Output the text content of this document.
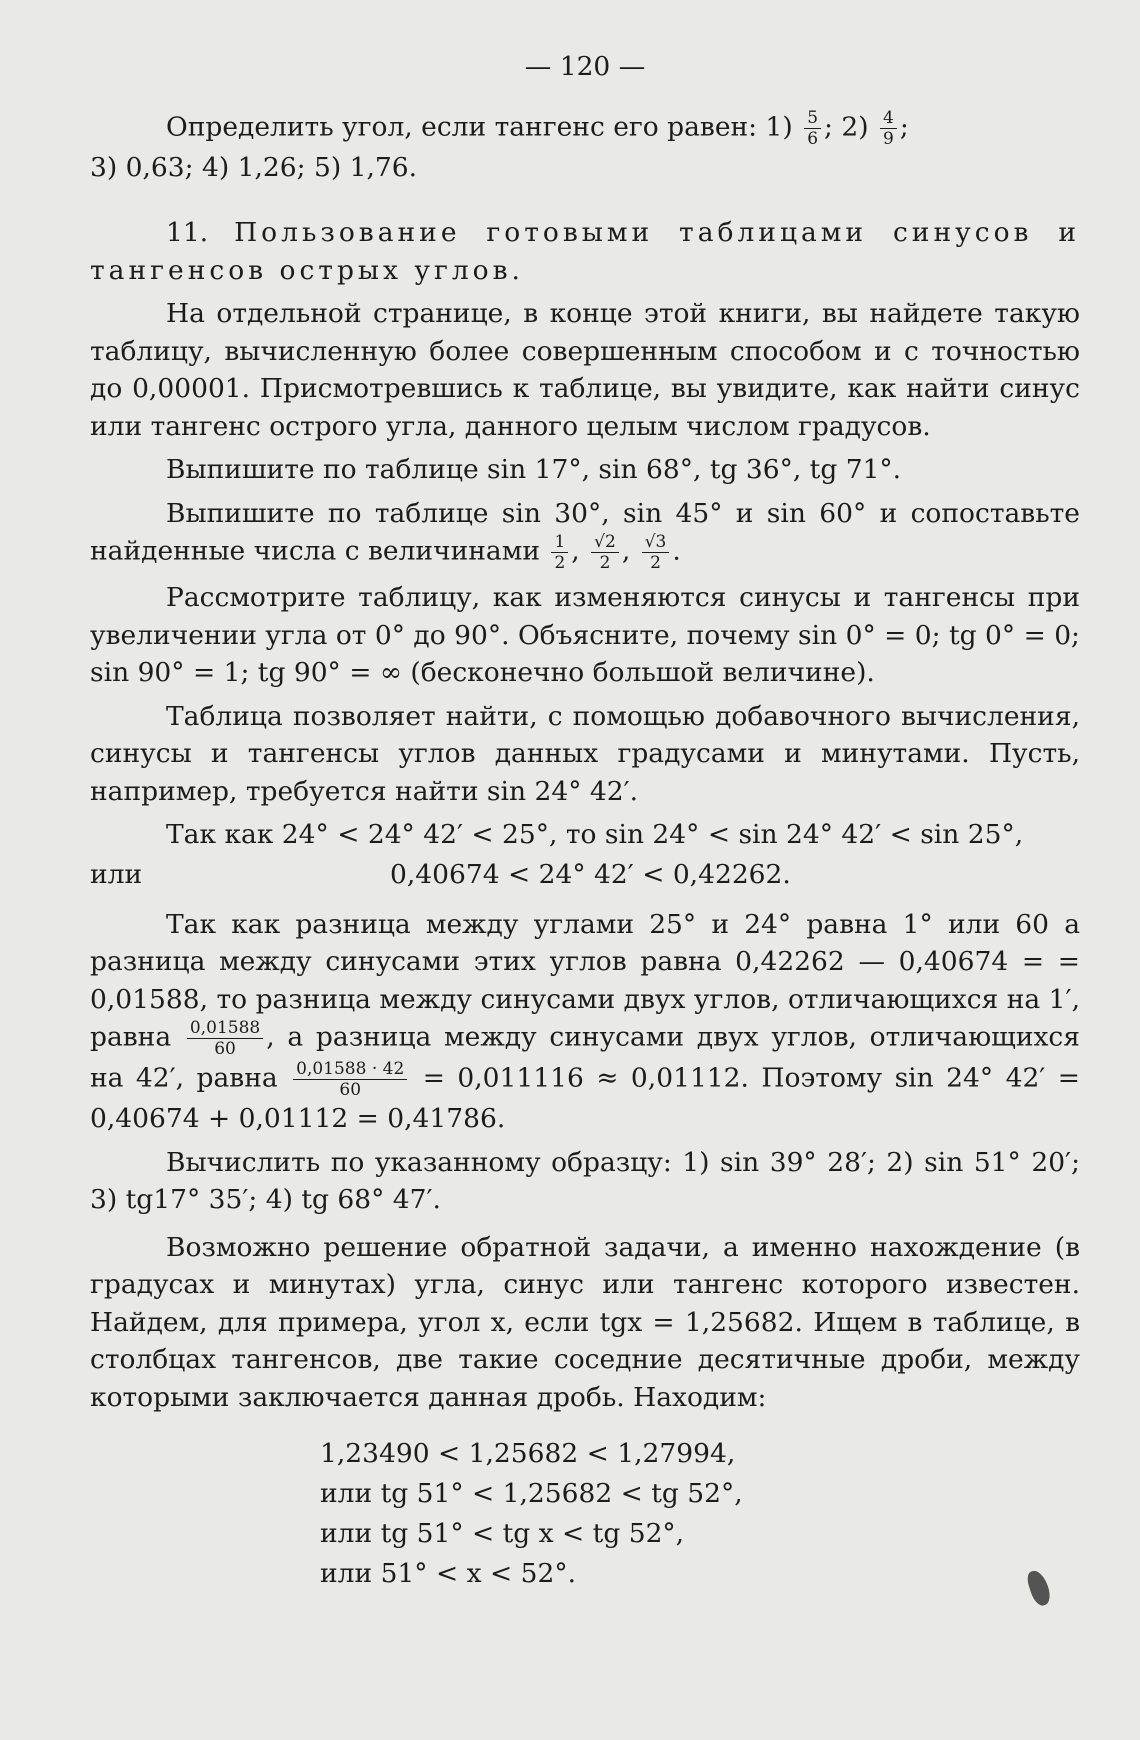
— 120 —

Определить угол, если тангенс его равен: $1) \frac{5}{6}$ ; $2) \frac{4}{9}$ ;

3) 0,63; 4) 1,26; 5) 1,76.

11. Пользование готовыми таблицами синусов и тангенсов острых углов.

На отдельной странице, в конце этой книги, вы найдете такую таблицу, вычисленную более совершенным способом и с точностью до 0,00001. Присмотревшись к таблице, вы увидите, как найти синус или тангенс острого угла, данного целым числом градусов.

Выпишите по таблице sin 17°, sin 68°, tg 36°, tg 71°.

Выпишите по таблице sin 30°, sin 45° и sin 60° и сопоставьте найденные числа с величинами $\frac{1}{2}$ , $\frac{√2}{2}$ , $\frac{√3}{2}$ .

Рассмотрите таблицу, как изменяются синусы и тангенсы при увеличении угла от 0° до 90°. Объясните, почему sin 0° = 0; tg 0° = 0; sin 90° = 1; tg 90° = ∞ (бесконечно большой величине).

Таблица позволяет найти, с помощью добавочного вычисления, синусы и тангенсы углов данных градусами и минутами. Пусть, например, требуется найти sin 24° 42′.

Так как 24° < 24° 42′ < 25°, то sin 24° < sin 24° 42′ < sin 25°,

или	0,40674 < 24° 42′ < 0,42262.

Так как разница между углами 25° и 24° равна 1° или 60 а разница между синусами этих углов равна 0,42262 — 0,40674 = = 0,01588, то разница между синусами двух углов, отличающихся на 1′, равна $\frac{0,01588}{60}$ , а разница между синусами двух углов, отличающихся на 42′, равна $\frac{0,01588 \cdot 42}{60} = 0,011116 \approx 0,01112$. Поэтому sin 24° 42′ = 0,40674 + 0,01112 = 0,41786.

Вычислить по указанному образцу: 1) sin 39° 28′; 2) sin 51° 20′; 3) tg17° 35′; 4) tg 68° 47′.

Возможно решение обратной задачи, а именно нахождение (в градусах и минутах) угла, синус или тангенс которого известен. Найдем, для примера, угол x, если tgx = 1,25682. Ищем в таблице, в столбцах тангенсов, две такие соседние десятичные дроби, между которыми заключается данная дробь. Находим:

1,23490 < 1,25682 < 1,27994,
или tg 51° < 1,25682 < tg 52°,
или tg 51° < tg x < tg 52°,
или 51° < x < 52°.
